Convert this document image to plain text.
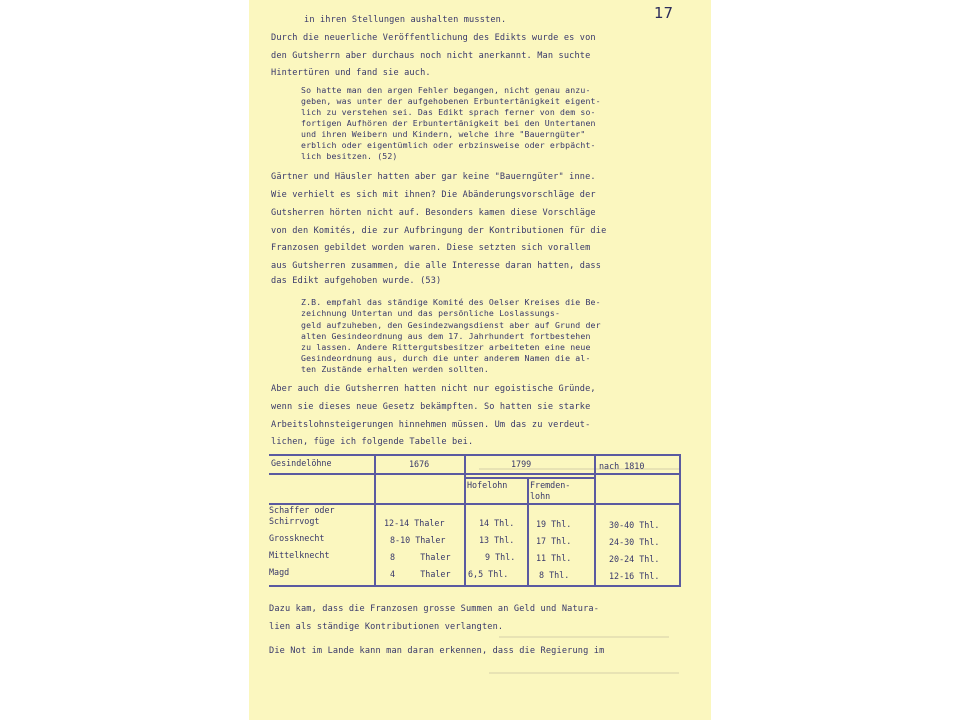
17

in ihren Stellungen aushalten mussten.

Durch die neuerliche Veröffentlichung des Edikts wurde es von

den Gutsherrn aber durchaus noch nicht anerkannt. Man suchte

Hintertüren und fand sie auch.

So hatte man den argen Fehler begangen, nicht genau anzu-

geben, was unter der aufgehobenen Erbuntertänigkeit eigent-

lich zu verstehen sei. Das Edikt sprach ferner von dem so-

fortigen Aufhören der Erbuntertänigkeit bei den Untertanen

und ihren Weibern und Kindern, welche ihre "Bauerngüter"

erblich oder eigentümlich oder erbzinsweise oder erbpächt-

lich besitzen. (52)

Gärtner und Häusler hatten aber gar keine "Bauerngüter" inne.

Wie verhielt es sich mit ihnen? Die Abänderungsvorschläge der

Gutsherren hörten nicht auf. Besonders kamen diese Vorschläge

von den Komités, die zur Aufbringung der Kontributionen für die

Franzosen gebildet worden waren. Diese setzten sich vorallem

aus Gutsherren zusammen, die alle Interesse daran hatten, dass

das Edikt aufgehoben wurde. (53)

Z.B. empfahl das ständige Komité des Oelser Kreises die Be-

zeichnung Untertan und das persönliche Loslassungs-

geld aufzuheben, den Gesindezwangsdienst aber auf Grund der

alten Gesindeordnung aus dem 17. Jahrhundert fortbestehen

zu lassen. Andere Rittergutsbesitzer arbeiteten eine neue

Gesindeordnung aus, durch die unter anderem Namen die al-

ten Zustände erhalten werden sollten.

Aber auch die Gutsherren hatten nicht nur egoistische Gründe,

wenn sie dieses neue Gesetz bekämpften. So hatten sie starke

Arbeitslohnsteigerungen hinnehmen müssen. Um das zu verdeut-

lichen, füge ich folgende Tabelle bei.

Gesindelöhne	1676	1799	nach 1810

Hofelohn	Fremden-

lohn

Schaffer oder

Schirrvogt	12-14 Thaler	14 Thl.	19 Thl.	30-40 Thl.

Grossknecht	8-10 Thaler	13 Thl.	17 Thl.	24-30 Thl.

Mittelknecht	8     Thaler	9 Thl. 11 Thl.	20-24 Thl.

Magd	4     Thaler 6,5 Thl.	8 Thl.	12-16 Thl.

Dazu kam, dass die Franzosen grosse Summen an Geld und Natura-

lien als ständige Kontributionen verlangten.

Die Not im Lande kann man daran erkennen, dass die Regierung im
